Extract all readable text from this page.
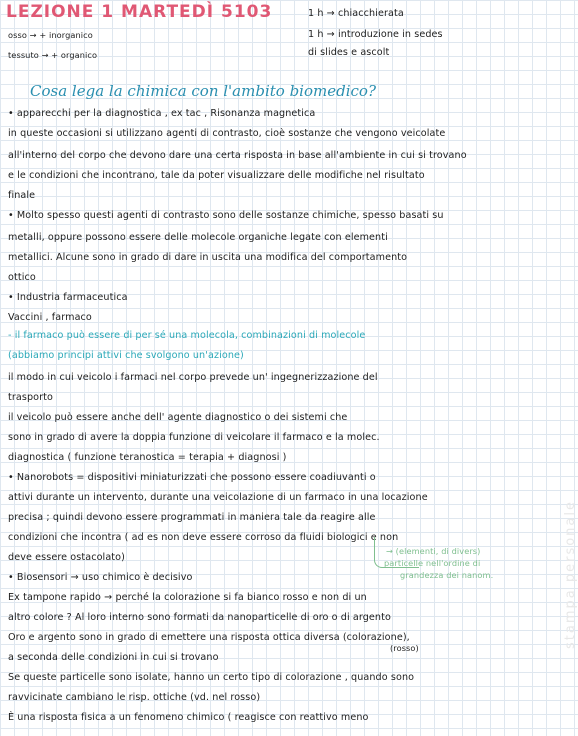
LEZIONE 1 MARTEDÌ 5103
osso → + inorganico
tessuto → + organico
1 h → chiacchierata
1 h → introduzione in sedes
di slides e ascolt
Cosa lega la chimica con l'ambito biomedico?
• apparecchi per la diagnostica , ex tac , Risonanza magnetica
in queste occasioni si utilizzano agenti di contrasto, cioè sostanze che vengono veicolate
all'interno del corpo che devono dare una certa risposta in base all'ambiente in cui si trovano
e le condizioni che incontrano, tale da poter visualizzare delle modifiche nel risultato
finale
• Molto spesso questi agenti di contrasto sono delle sostanze chimiche, spesso basati su
metalli, oppure possono essere delle molecole organiche legate con elementi
metallici. Alcune sono in grado di dare in uscita una modifica del comportamento
ottico
• Industria farmaceutica
Vaccini , farmaco
- il farmaco può essere di per sé una molecola, combinazioni di molecole
(abbiamo principi attivi che svolgono un'azione)
il modo in cui veicolo i farmaci nel corpo prevede un' ingegnerizzazione del
trasporto
il veicolo può essere anche dell' agente diagnostico o dei sistemi che
sono in grado di avere la doppia funzione di veicolare il farmaco e la molec.
diagnostica ( funzione teranostica = terapia + diagnosi )
• Nanorobots = dispositivi miniaturizzati che possono essere coadiuvanti o
attivi durante un intervento, durante una veicolazione di un farmaco in una locazione
precisa ; quindi devono essere programmati in maniera tale da reagire alle
condizioni che incontra ( ad es non deve essere corroso da fluidi biologici e non
deve essere ostacolato)
• Biosensori → uso chimico è decisivo
Ex tampone rapido → perché la colorazione si fa bianco rosso e non di un
altro colore ? Al loro interno sono formati da nanoparticelle di oro o di argento
Oro e argento sono in grado di emettere una risposta ottica diversa (colorazione),
a seconda delle condizioni in cui si trovano
Se queste particelle sono isolate, hanno un certo tipo di colorazione , quando sono
ravvicinate cambiano le risp. ottiche (vd. nel rosso)
È una risposta fisica a un fenomeno chimico ( reagisce con reattivo meno
→ (elementi, di divers)
particelle nell'ordine di
grandezza dei nanom.
(rosso)	stampa personale
